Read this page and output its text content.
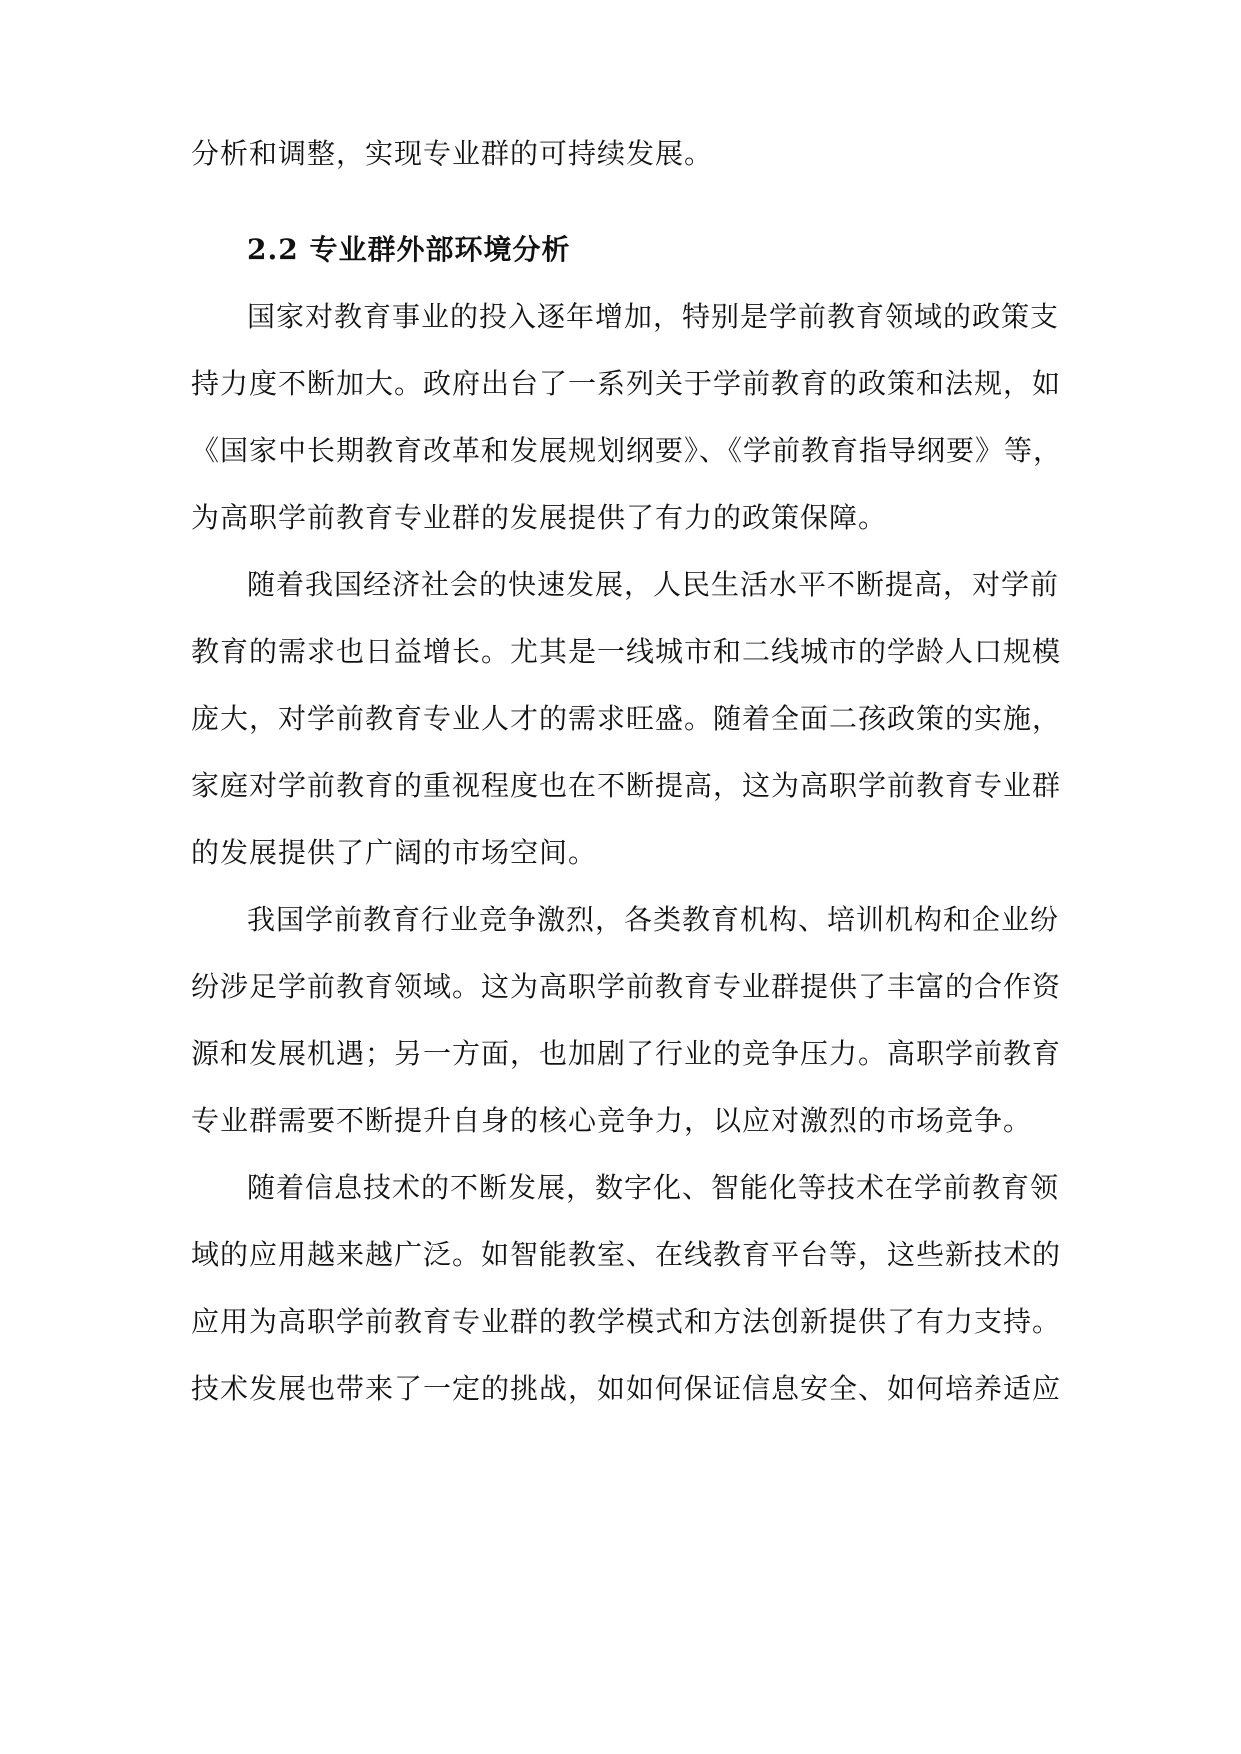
分析和调整，实现专业群的可持续发展。
2.2 专业群外部环境分析
国家对教育事业的投入逐年增加，特别是学前教育领域的政策支
持力度不断加大。政府出台了一系列关于学前教育的政策和法规，如
《国家中长期教育改革和发展规划纲要》、《学前教育指导纲要》等，
为高职学前教育专业群的发展提供了有力的政策保障。
随着我国经济社会的快速发展，人民生活水平不断提高，对学前
教育的需求也日益增长。尤其是一线城市和二线城市的学龄人口规模
庞大，对学前教育专业人才的需求旺盛。随着全面二孩政策的实施，
家庭对学前教育的重视程度也在不断提高，这为高职学前教育专业群
的发展提供了广阔的市场空间。
我国学前教育行业竞争激烈，各类教育机构、培训机构和企业纷
纷涉足学前教育领域。这为高职学前教育专业群提供了丰富的合作资
源和发展机遇；另一方面，也加剧了行业的竞争压力。高职学前教育
专业群需要不断提升自身的核心竞争力，以应对激烈的市场竞争。
随着信息技术的不断发展，数字化、智能化等技术在学前教育领
域的应用越来越广泛。如智能教室、在线教育平台等，这些新技术的
应用为高职学前教育专业群的教学模式和方法创新提供了有力支持。
技术发展也带来了一定的挑战，如如何保证信息安全、如何培养适应
